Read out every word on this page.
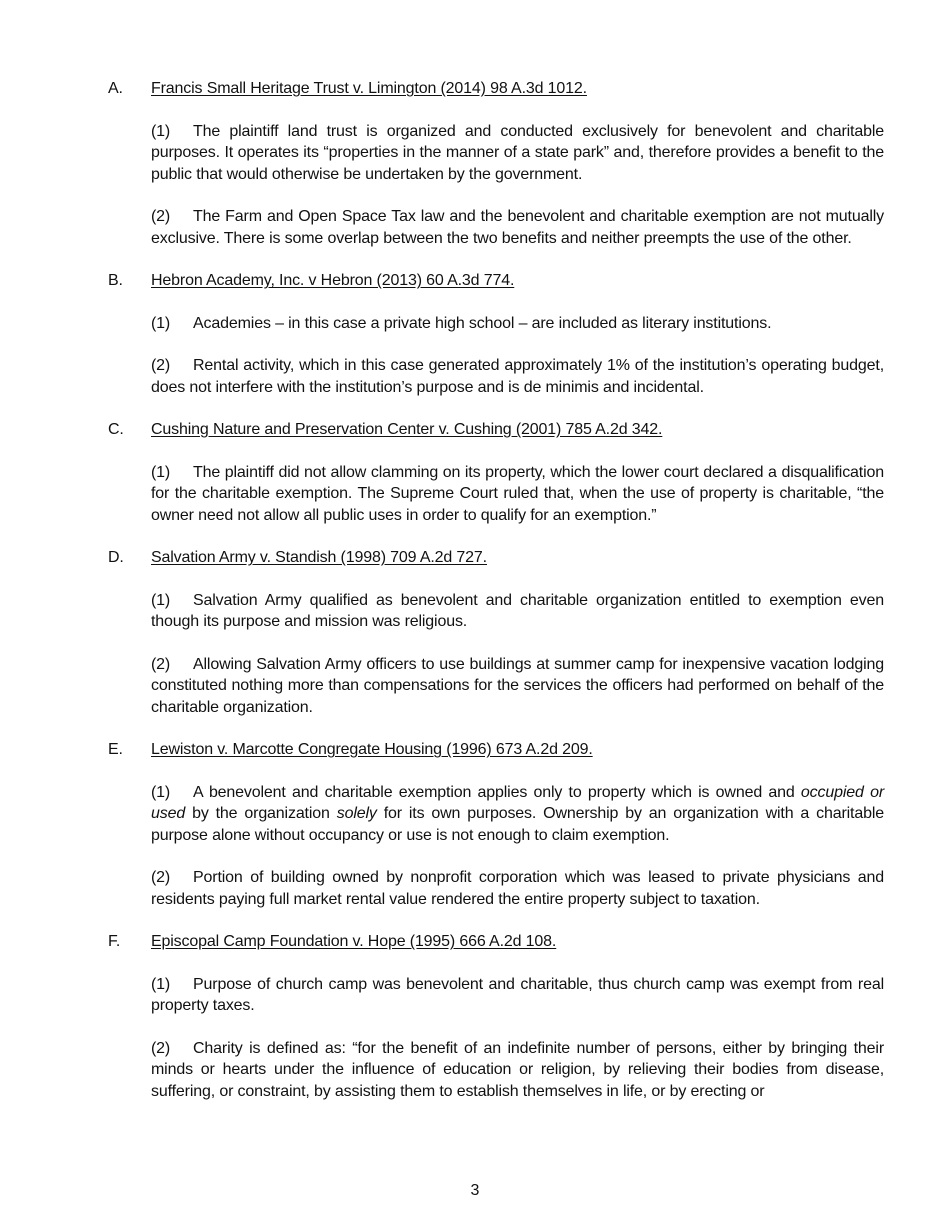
A.	Francis Small Heritage Trust v. Limington (2014) 98 A.3d 1012.

(1) The plaintiff land trust is organized and conducted exclusively for benevolent and charitable purposes. It operates its “properties in the manner of a state park” and, therefore provides a benefit to the public that would otherwise be undertaken by the government.

(2) The Farm and Open Space Tax law and the benevolent and charitable exemption are not mutually exclusive. There is some overlap between the two benefits and neither preempts the use of the other.

B.	Hebron Academy, Inc. v Hebron (2013) 60 A.3d 774.

(1) Academies – in this case a private high school – are included as literary institutions.

(2) Rental activity, which in this case generated approximately 1% of the institution’s operating budget, does not interfere with the institution’s purpose and is de minimis and incidental.

C.	Cushing Nature and Preservation Center v. Cushing (2001) 785 A.2d 342.

(1) The plaintiff did not allow clamming on its property, which the lower court declared a disqualification for the charitable exemption. The Supreme Court ruled that, when the use of property is charitable, “the owner need not allow all public uses in order to qualify for an exemption.”

D.	Salvation Army v. Standish (1998) 709 A.2d 727.

(1) Salvation Army qualified as benevolent and charitable organization entitled to exemption even though its purpose and mission was religious.

(2) Allowing Salvation Army officers to use buildings at summer camp for inexpensive vacation lodging constituted nothing more than compensations for the services the officers had performed on behalf of the charitable organization.

E.	Lewiston v. Marcotte Congregate Housing (1996) 673 A.2d 209.

(1) A benevolent and charitable exemption applies only to property which is owned and occupied or used by the organization solely for its own purposes. Ownership by an organization with a charitable purpose alone without occupancy or use is not enough to claim exemption.

(2) Portion of building owned by nonprofit corporation which was leased to private physicians and residents paying full market rental value rendered the entire property subject to taxation.

F.	Episcopal Camp Foundation v. Hope (1995) 666 A.2d 108.

(1) Purpose of church camp was benevolent and charitable, thus church camp was exempt from real property taxes.

(2) Charity is defined as: “for the benefit of an indefinite number of persons, either by bringing their minds or hearts under the influence of education or religion, by relieving their bodies from disease, suffering, or constraint, by assisting them to establish themselves in life, or by erecting or

3
